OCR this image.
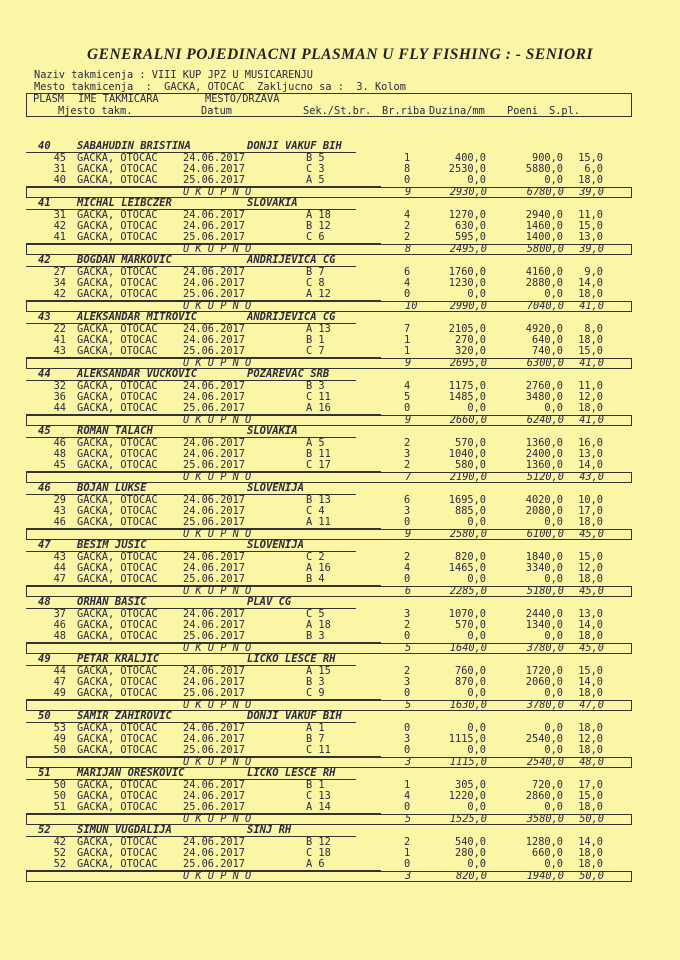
GENERALNI POJEDINACNI PLASMAN U FLY FISHING : - SENIORI
Naziv takmicenja : VIII KUP JPZ U MUSICARENJU
Mesto takmicenja  :  GACKA, OTOCAC  Zakljucno sa :  3. Kolom
PLASM IME TAKMICARA	MESTO/DRZAVA
Mjesto takm.	Datum	Sek./St.br. Br.riba Duzina/mm Poeni S.pl.
40	SABAHUDIN BRISTINA	DONJI VAKUF BIH
45 GACKA, OTOCAC 24.06.2017	B 5	1	400,0	900,0	15,0
31 GACKA, OTOCAC 24.06.2017	C 3	8	2530,0	5880,0	6,0
40 GACKA, OTOCAC 25.06.2017	A 5	0	0,0	0,0	18,0
U K U P N O	9	2930,0	6780,0	39,0
41	MICHAL LEIBCZER	SLOVAKIA
31 GACKA, OTOCAC 24.06.2017	A 18	4	1270,0	2940,0	11,0
42 GACKA, OTOCAC 24.06.2017	B 12	2	630,0	1460,0	15,0
41 GACKA, OTOCAC 25.06.2017	C 6	2	595,0	1400,0	13,0
U K U P N O	8	2495,0	5800,0	39,0
42	BOGDAN MARKOVIC	ANDRIJEVICA CG
27 GACKA, OTOCAC 24.06.2017	B 7	6	1760,0	4160,0	9,0
34 GACKA, OTOCAC 24.06.2017	C 8	4	1230,0	2880,0	14,0
42 GACKA, OTOCAC 25.06.2017	A 12	0	0,0	0,0	18,0
U K U P N O	10	2990,0	7040,0	41,0
43	ALEKSANDAR MITROVIC	ANDRIJEVICA CG
22 GACKA, OTOCAC 24.06.2017	A 13	7	2105,0	4920,0	8,0
41 GACKA, OTOCAC 24.06.2017	B 1	1	270,0	640,0	18,0
43 GACKA, OTOCAC 25.06.2017	C 7	1	320,0	740,0	15,0
U K U P N O	9	2695,0	6300,0	41,0
44	ALEKSANDAR VUCKOVIC	POZAREVAC SRB
32 GACKA, OTOCAC 24.06.2017	B 3	4	1175,0	2760,0	11,0
36 GACKA, OTOCAC 24.06.2017	C 11	5	1485,0	3480,0	12,0
44 GACKA, OTOCAC 25.06.2017	A 16	0	0,0	0,0	18,0
U K U P N O	9	2660,0	6240,0	41,0
45	ROMAN TALACH	SLOVAKIA
46 GACKA, OTOCAC 24.06.2017	A 5	2	570,0	1360,0	16,0
48 GACKA, OTOCAC 24.06.2017	B 11	3	1040,0	2400,0	13,0
45 GACKA, OTOCAC 25.06.2017	C 17	2	580,0	1360,0	14,0
U K U P N O	7	2190,0	5120,0	43,0
46	BOJAN LUKSE	SLOVENIJA
29 GACKA, OTOCAC 24.06.2017	B 13	6	1695,0	4020,0	10,0
43 GACKA, OTOCAC 24.06.2017	C 4	3	885,0	2080,0	17,0
46 GACKA, OTOCAC 25.06.2017	A 11	0	0,0	0,0	18,0
U K U P N O	9	2580,0	6100,0	45,0
47	BESIM JUSIC	SLOVENIJA
43 GACKA, OTOCAC 24.06.2017	C 2	2	820,0	1840,0	15,0
44 GACKA, OTOCAC 24.06.2017	A 16	4	1465,0	3340,0	12,0
47 GACKA, OTOCAC 25.06.2017	B 4	0	0,0	0,0	18,0
U K U P N O	6	2285,0	5180,0	45,0
48	ORHAN BASIC	PLAV CG
37 GACKA, OTOCAC 24.06.2017	C 5	3	1070,0	2440,0	13,0
46 GACKA, OTOCAC 24.06.2017	A 18	2	570,0	1340,0	14,0
48 GACKA, OTOCAC 25.06.2017	B 3	0	0,0	0,0	18,0
U K U P N O	5	1640,0	3780,0	45,0
49	PETAR KRALJIC	LICKO LESCE RH
44 GACKA, OTOCAC 24.06.2017	A 15	2	760,0	1720,0	15,0
47 GACKA, OTOCAC 24.06.2017	B 3	3	870,0	2060,0	14,0
49 GACKA, OTOCAC 25.06.2017	C 9	0	0,0	0,0	18,0
U K U P N O	5	1630,0	3780,0	47,0
50	SAMIR ZAHIROVIC	DONJI VAKUF BIH
53 GACKA, OTOCAC 24.06.2017	A 1	0	0,0	0,0	18,0
49 GACKA, OTOCAC 24.06.2017	B 7	3	1115,0	2540,0	12,0
50 GACKA, OTOCAC 25.06.2017	C 11	0	0,0	0,0	18,0
U K U P N O	3	1115,0	2540,0	48,0
51	MARIJAN ORESKOVIC	LICKO LESCE RH
50 GACKA, OTOCAC 24.06.2017	B 1	1	305,0	720,0	17,0
50 GACKA, OTOCAC 24.06.2017	C 13	4	1220,0	2860,0	15,0
51 GACKA, OTOCAC 25.06.2017	A 14	0	0,0	0,0	18,0
U K U P N O	5	1525,0	3580,0	50,0
52	SIMUN VUGDALIJA	SINJ RH
42 GACKA, OTOCAC 24.06.2017	B 12	2	540,0	1280,0	14,0
52 GACKA, OTOCAC 24.06.2017	C 18	1	280,0	660,0	18,0
52 GACKA, OTOCAC 25.06.2017	A 6	0	0,0	0,0	18,0
U K U P N O	3	820,0	1940,0	50,0
